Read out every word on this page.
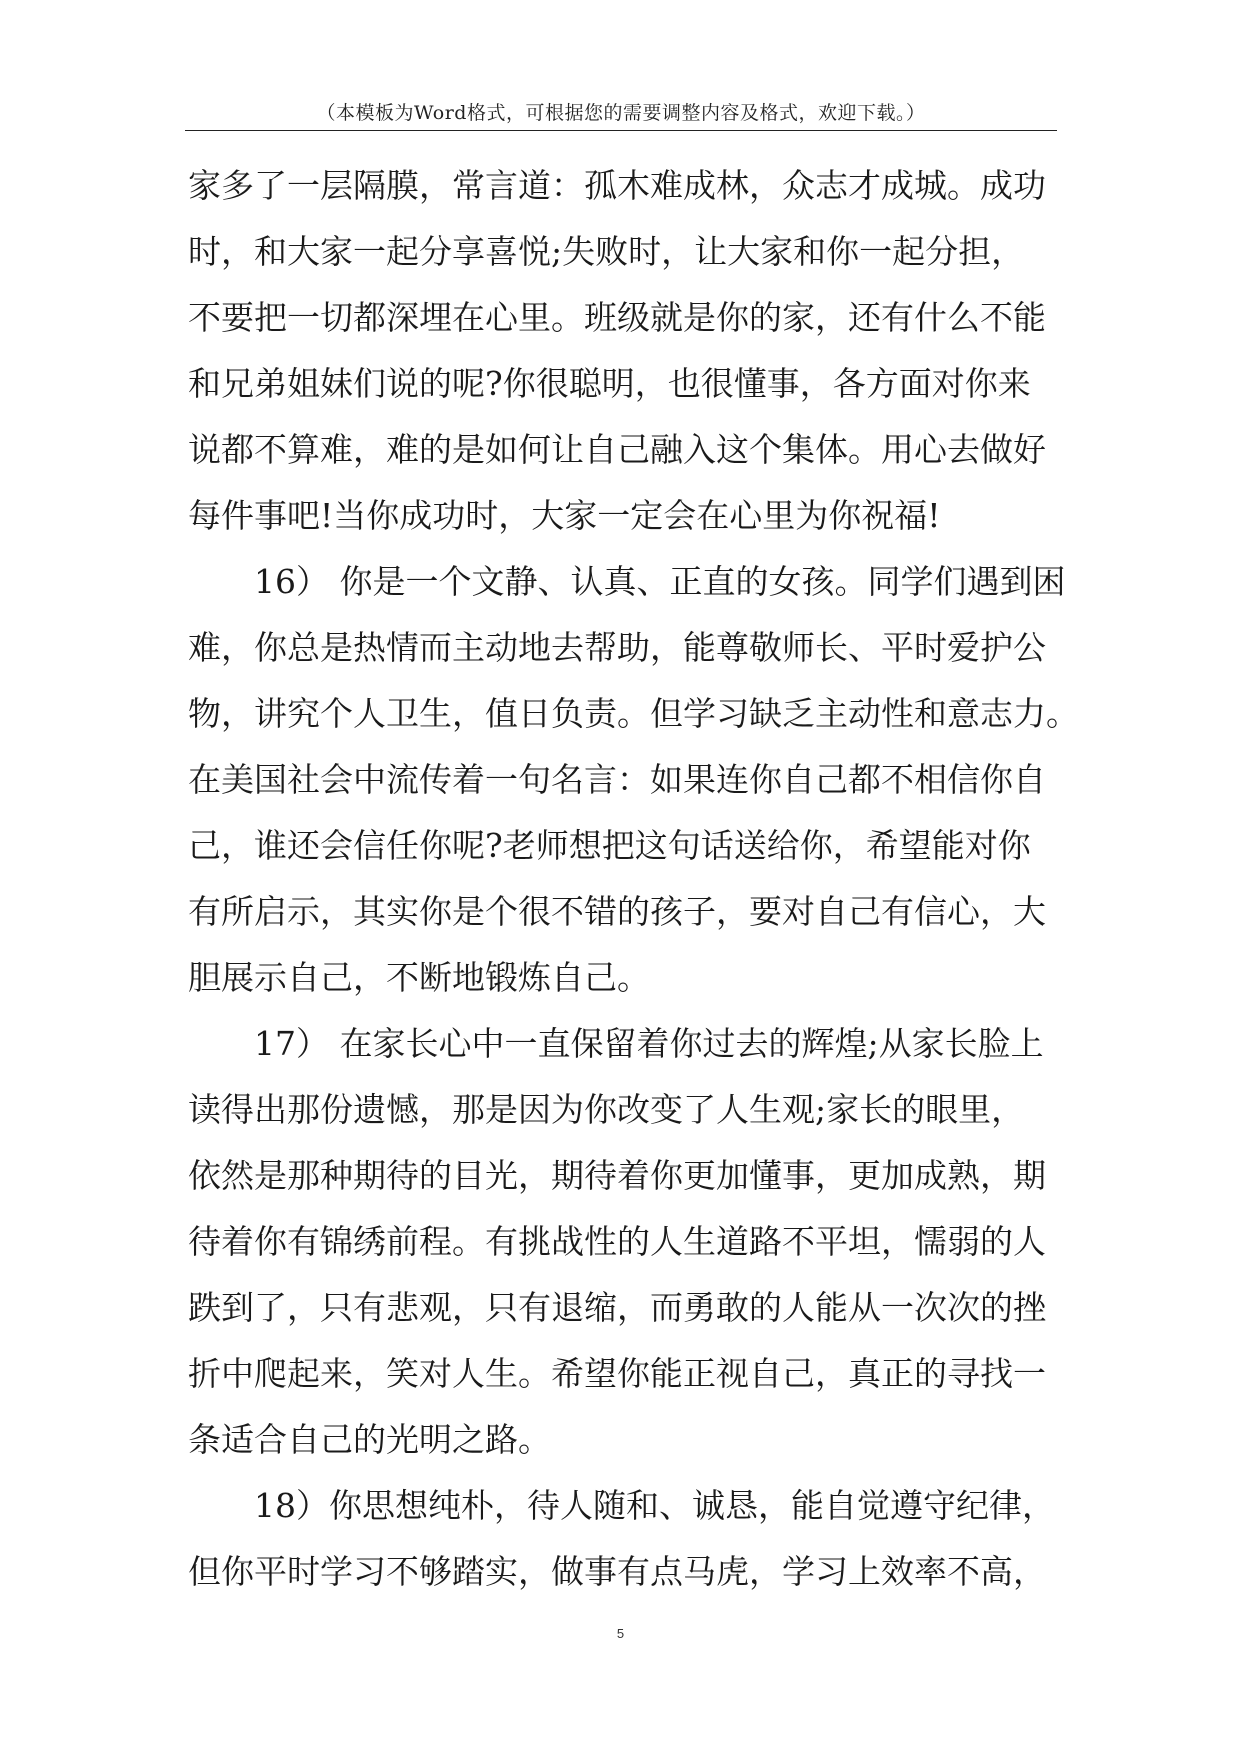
（本模板为Word格式，可根据您的需要调整内容及格式，欢迎下载。）
家多了一层隔膜，常言道：孤木难成林，众志才成城。成功
时，和大家一起分享喜悦;失败时，让大家和你一起分担，
不要把一切都深埋在心里。班级就是你的家，还有什么不能
和兄弟姐妹们说的呢?你很聪明，也很懂事，各方面对你来
说都不算难，难的是如何让自己融入这个集体。用心去做好
每件事吧!当你成功时，大家一定会在心里为你祝福!
　　16） 你是一个文静、认真、正直的女孩。同学们遇到困
难，你总是热情而主动地去帮助，能尊敬师长、平时爱护公
物，讲究个人卫生，值日负责。但学习缺乏主动性和意志力。
在美国社会中流传着一句名言：如果连你自己都不相信你自
己，谁还会信任你呢?老师想把这句话送给你，希望能对你
有所启示，其实你是个很不错的孩子，要对自己有信心，大
胆展示自己，不断地锻炼自己。
　　17） 在家长心中一直保留着你过去的辉煌;从家长脸上
读得出那份遗憾，那是因为你改变了人生观;家长的眼里，
依然是那种期待的目光，期待着你更加懂事，更加成熟，期
待着你有锦绣前程。有挑战性的人生道路不平坦，懦弱的人
跌到了，只有悲观，只有退缩，而勇敢的人能从一次次的挫
折中爬起来，笑对人生。希望你能正视自己，真正的寻找一
条适合自己的光明之路。
　　18）你思想纯朴，待人随和、诚恳，能自觉遵守纪律，
但你平时学习不够踏实，做事有点马虎，学习上效率不高，
5
